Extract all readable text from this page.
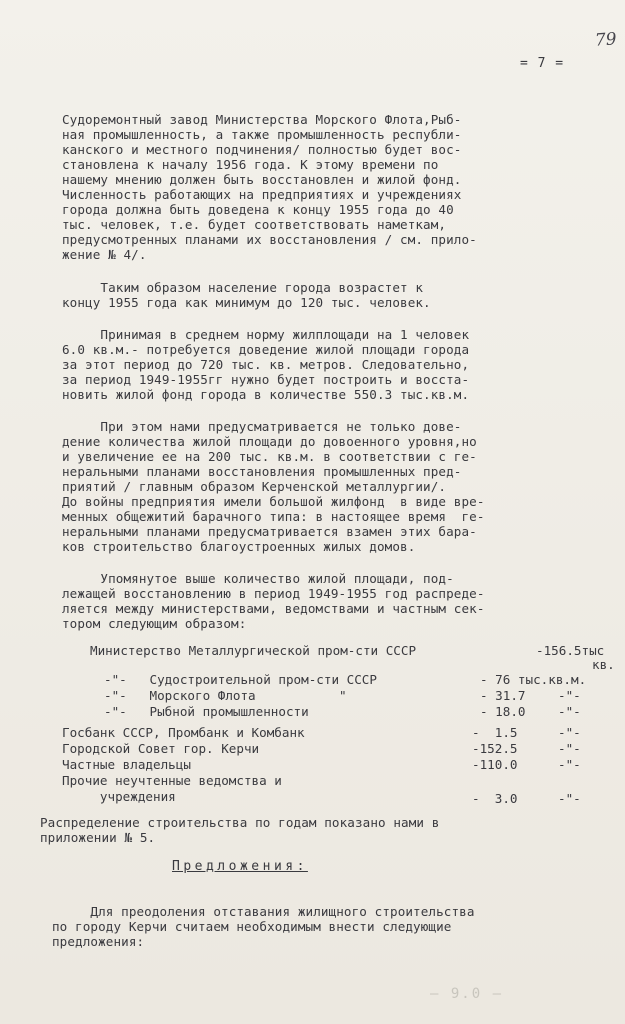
79
= 7 =
Судоремонтный завод Министерства Морского Флота,Рыб-
ная промышленность, а также промышленность республи-
канского и местного подчинения/ полностью будет вос-
становлена к началу 1956 года. К этому времени по
нашему мнению должен быть восстановлен и жилой фонд.
Численность работающих на предприятиях и учреждениях
города должна быть доведена к концу 1955 года до 40
тыс. человек, т.е. будет соответствовать наметкам,
предусмотренных планами их восстановления / см. прило-
жение № 4/.
Таким образом население города возрастет к
концу 1955 года как минимум до 120 тыс. человек.
Принимая в среднем норму жилплощади на 1 человек
6.0 кв.м.- потребуется доведение жилой площади города
за этот период до 720 тыс. кв. метров. Следовательно,
за период 1949-1955гг нужно будет построить и восста-
новить жилой фонд города в количестве 550.3 тыс.кв.м.
При этом нами предусматривается не только дове-
дение количества жилой площади до довоенного уровня,но
и увеличение ее на 200 тыс. кв.м. в соответствии с ге-
неральными планами восстановления промышленных пред-
приятий / главным образом Керченской металлургии/.
До войны предприятия имели большой жилфонд  в виде вре-
менных общежитий барачного типа: в настоящее время  ге-
неральными планами предусматривается взамен этих бара-
ков строительство благоустроенных жилых домов.
Упомянутое выше количество жилой площади, под-
лежащей восстановлению в период 1949-1955 год распреде-
ляется между министерствами, ведомствами и частным сек-
тором следующим образом:
Министерство Металлургической пром-сти СССР	-156.5тыс
кв.
-"-   Судостроительной пром-сти СССР	- 76 тыс.кв.м.
-"-   Морского Флота           "	- 31.7	-"-
-"-   Рыбной промышленности	- 18.0	-"-
Госбанк СССР, Промбанк и Комбанк	-  1.5	-"-
Городской Совет гор. Керчи	-152.5	-"-
Частные владельцы	-110.0	-"-
Прочие неучтенные ведомства и
учреждения	-  3.0	-"-
Распределение строительства по годам показано нами в
приложении № 5.
Предложения:
Для преодоления отставания жилищного строительства
по городу Керчи считаем необходимым внести следующие
предложения:
— 9.0 —
